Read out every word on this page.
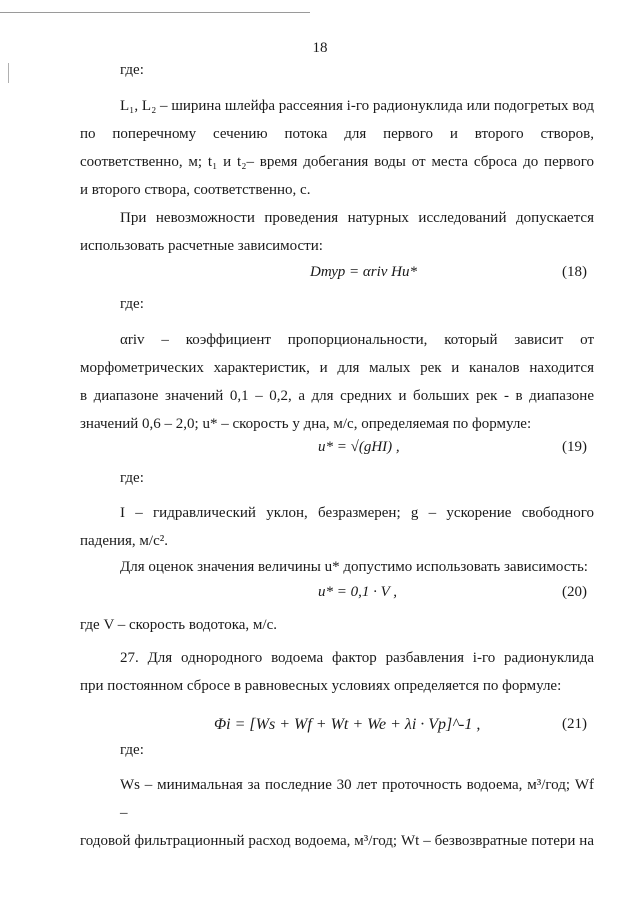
18
где:
L₁, L₂ – ширина шлейфа рассеяния i-го радионуклида или подогретых вод
по поперечному сечению потока для первого и второго створов,
соответственно, м; t₁ и t₂– время добегания воды от места сброса до первого
и второго створа, соответственно, с.
При невозможности проведения натурных исследований допускается
использовать расчетные зависимости:
Dтур = αriv Hu*	(18)
где:
αriv – коэффициент пропорциональности, который зависит от
морфометрических характеристик, и для малых рек и каналов находится
в диапазоне значений 0,1 – 0,2, а для средних и больших рек - в диапазоне
значений 0,6 – 2,0; u* – скорость у дна, м/с, определяемая по формуле:
u* = √(gHI) ,	(19)
где:
I – гидравлический уклон, безразмерен; g – ускорение свободного
падения, м/с².
Для оценок значения величины u* допустимо использовать зависимость:
u* = 0,1 · V ,	(20)
где V – скорость водотока, м/с.
27. Для однородного водоема фактор разбавления i-го радионуклида
при постоянном сбросе в равновесных условиях определяется по формуле:
Φi = [Ws + Wf + Wt + We + λi · Vp]^-1 ,	(21)
где:
Ws – минимальная за последние 30 лет проточность водоема, м³/год; Wf –
годовой фильтрационный расход водоема, м³/год; Wt – безвозвратные потери на
